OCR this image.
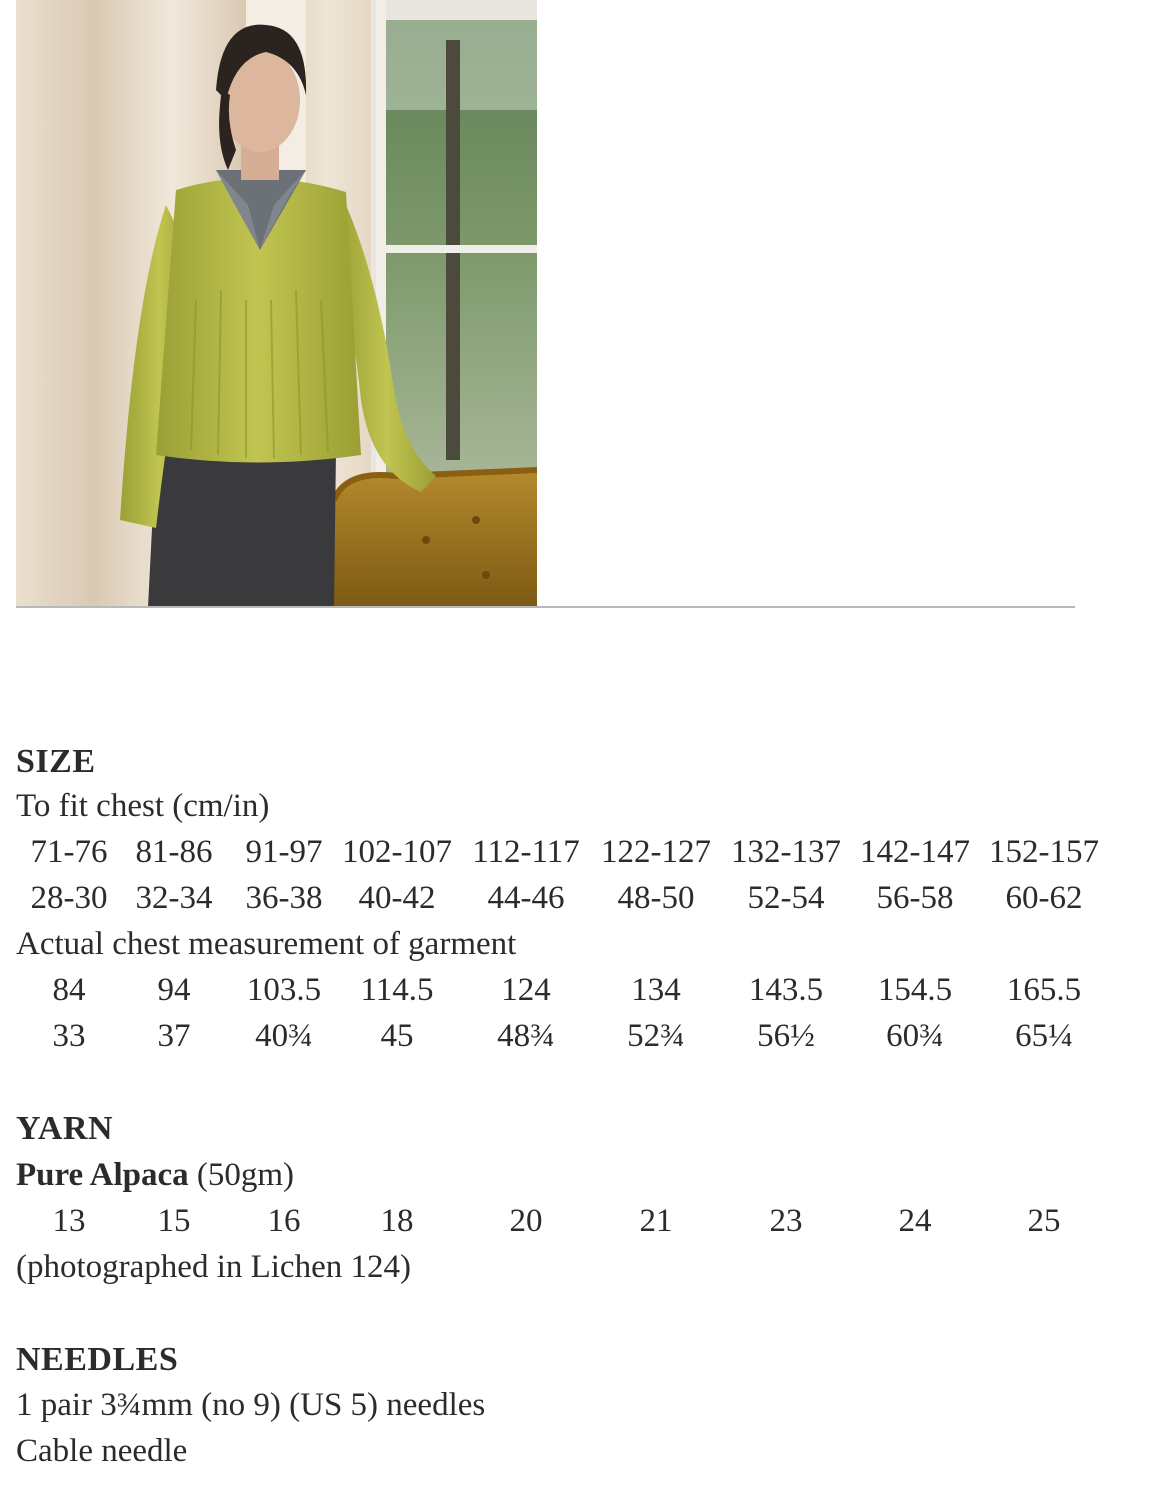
SIZE
To fit chest (cm/in)
71-76 81-86 91-97 102-107 112-117 122-127 132-137 142-147 152-157
28-30 32-34 36-38 40-42 44-46 48-50 52-54 56-58 60-62
Actual chest measurement of garment
84 94 103.5 114.5 124 134 143.5 154.5 165.5
33 37 40¾ 45	48¾ 52¾ 56½ 60¾ 65¼
YARN
Pure Alpaca (50gm)
13 15 16 18	20	21	23	24	25
(photographed in Lichen 124)
NEEDLES
1 pair 3¾mm (no 9) (US 5) needles
Cable needle
